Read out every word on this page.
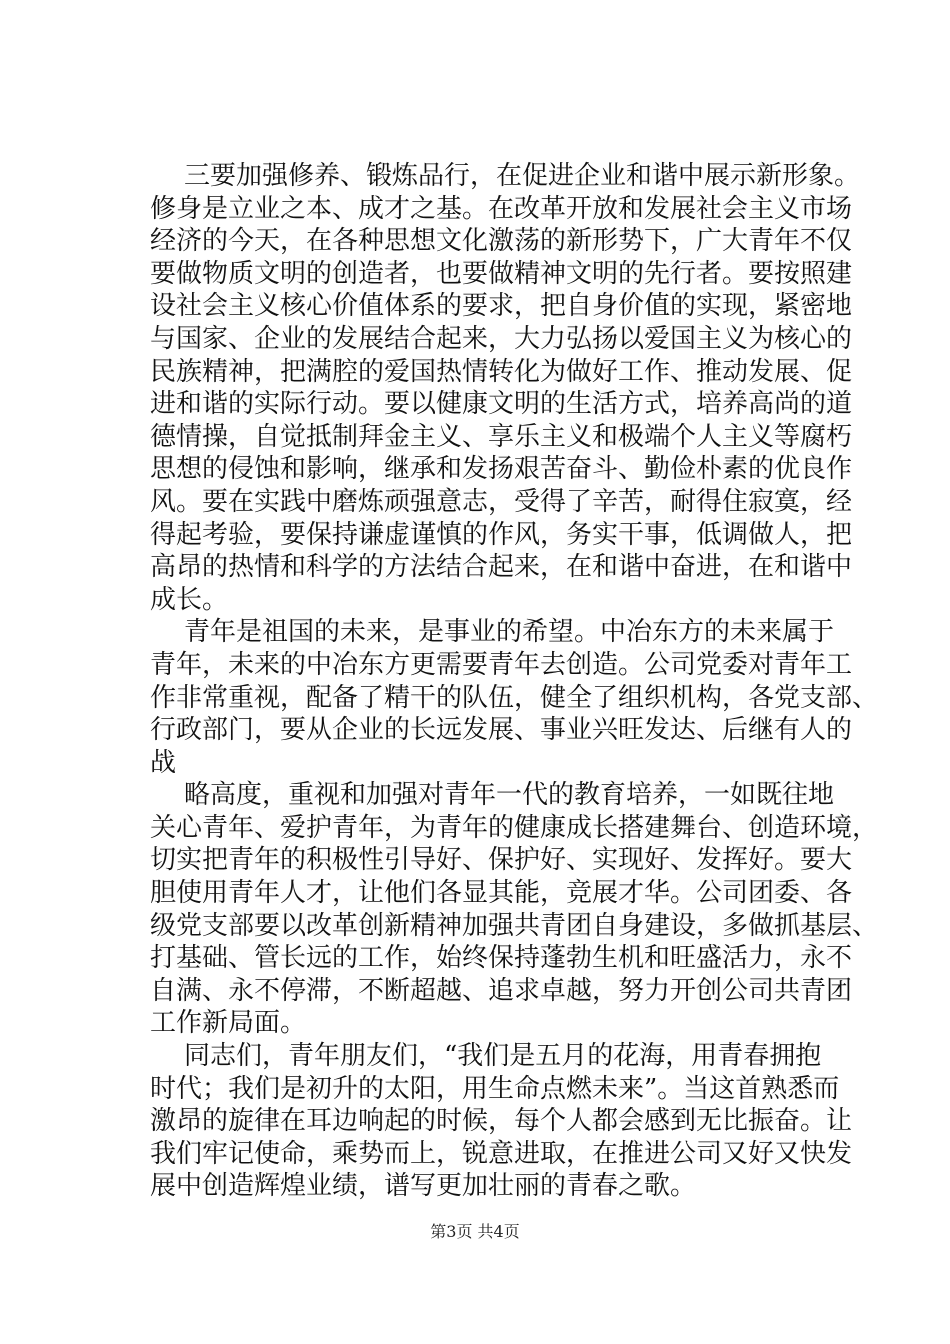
三要加强修养、锻炼品行，在促进企业和谐中展示新形象。
修身是立业之本、成才之基。在改革开放和发展社会主义市场
经济的今天，在各种思想文化激荡的新形势下，广大青年不仅
要做物质文明的创造者，也要做精神文明的先行者。要按照建
设社会主义核心价值体系的要求，把自身价值的实现，紧密地
与国家、企业的发展结合起来，大力弘扬以爱国主义为核心的
民族精神，把满腔的爱国热情转化为做好工作、推动发展、促
进和谐的实际行动。要以健康文明的生活方式，培养高尚的道
德情操，自觉抵制拜金主义、享乐主义和极端个人主义等腐朽
思想的侵蚀和影响，继承和发扬艰苦奋斗、勤俭朴素的优良作
风。要在实践中磨炼顽强意志，受得了辛苦，耐得住寂寞，经
得起考验，要保持谦虚谨慎的作风，务实干事，低调做人，把
高昂的热情和科学的方法结合起来，在和谐中奋进，在和谐中
成长。
青年是祖国的未来，是事业的希望。中冶东方的未来属于
青年，未来的中冶东方更需要青年去创造。公司党委对青年工
作非常重视，配备了精干的队伍，健全了组织机构，各党支部、
行政部门，要从企业的长远发展、事业兴旺发达、后继有人的
战
略高度，重视和加强对青年一代的教育培养，一如既往地
关心青年、爱护青年，为青年的健康成长搭建舞台、创造环境，
切实把青年的积极性引导好、保护好、实现好、发挥好。要大
胆使用青年人才，让他们各显其能，竞展才华。公司团委、各
级党支部要以改革创新精神加强共青团自身建设，多做抓基层、
打基础、管长远的工作，始终保持蓬勃生机和旺盛活力，永不
自满、永不停滞，不断超越、追求卓越，努力开创公司共青团
工作新局面。
同志们，青年朋友们，“我们是五月的花海，用青春拥抱
时代；我们是初升的太阳，用生命点燃未来”。当这首熟悉而
激昂的旋律在耳边响起的时候，每个人都会感到无比振奋。让
我们牢记使命，乘势而上，锐意进取，在推进公司又好又快发
展中创造辉煌业绩，谱写更加壮丽的青春之歌。
第3页 共4页
